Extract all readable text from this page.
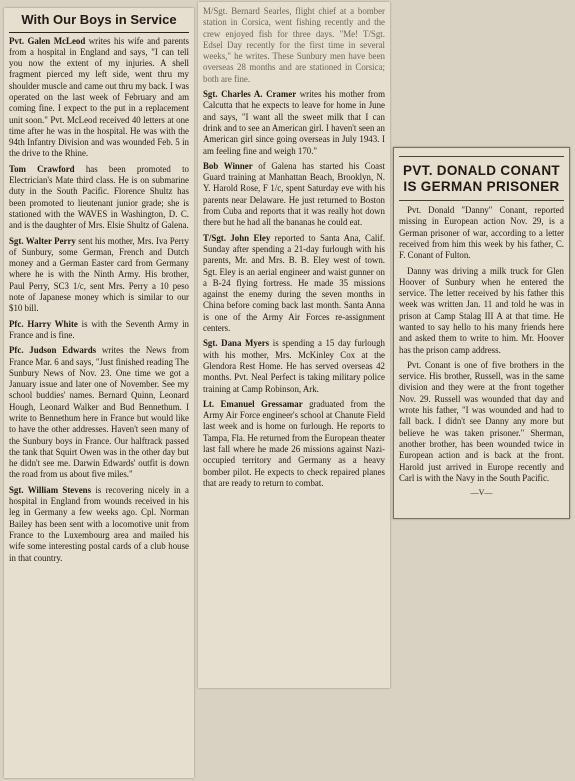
With Our Boys in Service

Pvt. Galen McLeod writes his wife and parents from a hospital in England and says, "I can tell you now the extent of my injuries. A shell fragment pierced my left side, went thru my shoulder muscle and came out thru my back. I was operated on the last week of February and am coming fine. I expect to the put in a replacement unit soon." Pvt. McLeod received 40 letters at one time after he was in the hospital. He was with the 94th Infantry Division and was wounded Feb. 5 in the drive to the Rhine.

Tom Crawford has been promoted to Electrician's Mate third class. He is on submarine duty in the South Pacific. Florence Shultz has been promoted to lieutenant junior grade; she is stationed with the WAVES in Washington, D. C. and is the daughter of Mrs. Elsie Shultz of Galena.

Sgt. Walter Perry sent his mother, Mrs. Iva Perry of Sunbury, some German, French and Dutch money and a German Easter card from Germany where he is with the Ninth Army. His brother, Paul Perry, SC3 1/c, sent Mrs. Perry a 10 peso note of Japanese money which is similar to our $10 bill.

Pfc. Harry White is with the Seventh Army in France and is fine.

Pfc. Judson Edwards writes the News from France Mar. 6 and says, "Just finished reading The Sunbury News of Nov. 23. One time we got a January issue and later one of November. See my school buddies' names. Bernard Quinn, Leonard Hough, Leonard Walker and Bud Bennethum. I write to Bennethum here in France but would like to have the other addresses. Haven't seen many of the Sunbury boys in France. Our halftrack passed the tank that Squirt Owen was in the other day but he didn't see me. Darwin Edwards' outfit is down the road from us about five miles."

Sgt. William Stevens is recovering nicely in a hospital in England from wounds received in his leg in Germany a few weeks ago. Cpl. Norman Bailey has been sent with a locomotive unit from France to the Luxembourg area and mailed his wife some interesting postal cards of a club house in that country.

M/Sgt. Bernard Searles, flight chief at a bomber station in Corsica, went fishing recently and the crew enjoyed fish for three days. "Me! T/Sgt. Edsel Day recently for the first time in several weeks," he writes. These Sunbury men have been overseas 28 months and are stationed in Corsica; both are fine.

Sgt. Charles A. Cramer writes his mother from Calcutta that he expects to leave for home in June and says, "I want all the sweet milk that I can drink and to see an American girl. I haven't seen an American girl since going overseas in July 1943. I am feeling fine and weigh 170."

Bob Winner of Galena has started his Coast Guard training at Manhattan Beach, Brooklyn, N. Y. Harold Rose, F 1/c, spent Saturday eve with his parents near Delaware. He just returned to Boston from Cuba and reports that it was really hot down there but he had all the bananas he could eat.

T/Sgt. John Eley reported to Santa Ana, Calif. Sunday after spending a 21-day furlough with his parents, Mr. and Mrs. B. B. Eley west of town. Sgt. Eley is an aerial engineer and waist gunner on a B-24 flying fortress. He made 35 missions against the enemy during the seven months in China before coming back last month. Santa Anna is one of the Army Air Forces re-assignment centers.

Sgt. Dana Myers is spending a 15 day furlough with his mother, Mrs. McKinley Cox at the Glendora Rest Home. He has served overseas 42 months. Pvt. Neal Perfect is taking military police training at Camp Robinson, Ark.

Lt. Emanuel Gressamar graduated from the Army Air Force engineer's school at Chanute Field last week and is home on furlough. He reports to Tampa, Fla. He returned from the European theater last fall where he made 26 missions against Nazi-occupied territory and Germany as a heavy bomber pilot. He expects to check repaired planes that are ready to return to combat.

PVT. DONALD CONANT IS GERMAN PRISONER

Pvt. Donald "Danny" Conant, reported missing in European action Nov. 29, is a German prisoner of war, according to a letter received from him this week by his father, C. F. Conant of Fulton.

Danny was driving a milk truck for Glen Hoover of Sunbury when he entered the service. The letter received by his father this week was written Jan. 11 and told he was in prison at Camp Stalag III A at that time. He wanted to say hello to his many friends here and asked them to write to him. Mr. Hoover has the prison camp address.

Pvt. Conant is one of five brothers in the service. His brother, Russell, was in the same division and they were at the front together Nov. 29. Russell was wounded that day and wrote his father, "I was wounded and had to fall back. I didn't see Danny any more but believe he was taken prisoner." Sherman, another brother, has been wounded twice in European action and is back at the front. Harold just arrived in Europe recently and Carl is with the Navy in the South Pacific.

—V—
